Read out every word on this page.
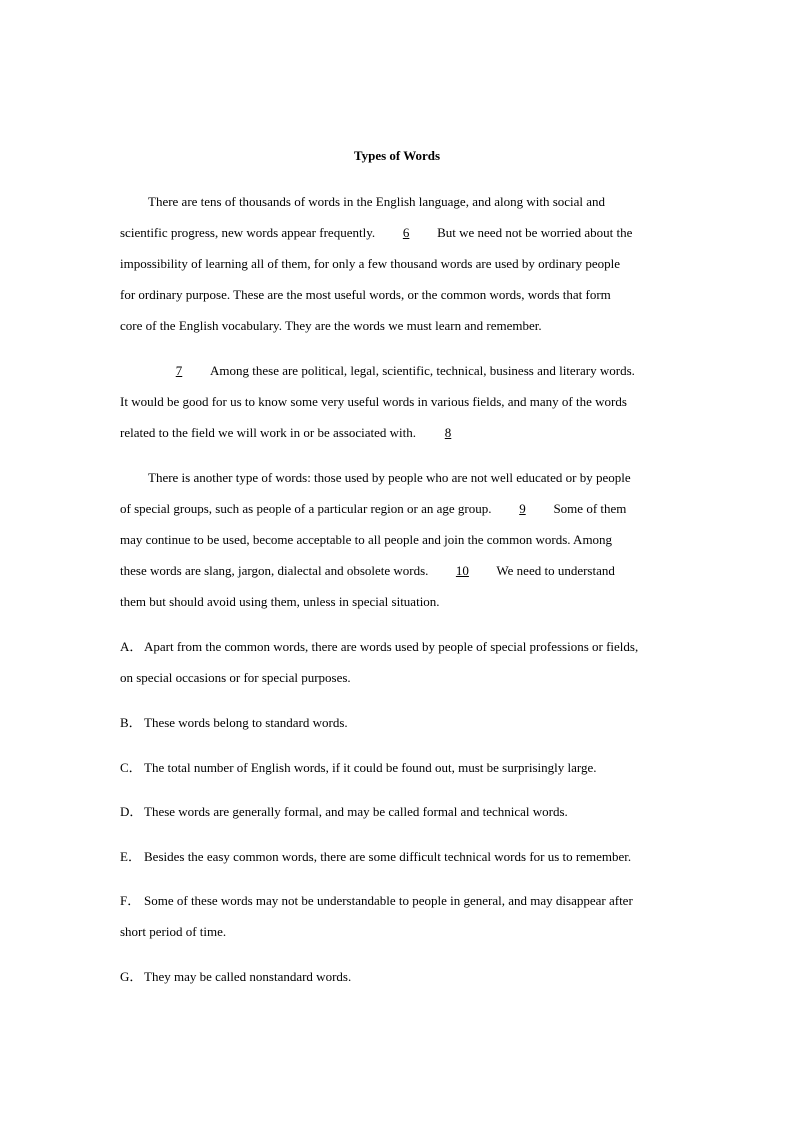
Types of Words
There are tens of thousands of words in the English language, and along with social and
scientific progress, new words appear frequently. 6 But we need not be worried about the
impossibility of learning all of them, for only a few thousand words are used by ordinary people
for ordinary purpose. These are the most useful words, or the common words, words that form
core of the English vocabulary. They are the words we must learn and remember.
7 Among these are political, legal, scientific, technical, business and literary words.
It would be good for us to know some very useful words in various fields, and many of the words
related to the field we will work in or be associated with. 8
There is another type of words: those used by people who are not well educated or by people
of special groups, such as people of a particular region or an age group. 9 Some of them
may continue to be used, become acceptable to all people and join the common words. Among
these words are slang, jargon, dialectal and obsolete words. 10 We need to understand
them but should avoid using them, unless in special situation.
A． Apart from the common words, there are words used by people of special professions or fields,
on special occasions or for special purposes.
B． These words belong to standard words.
C． The total number of English words, if it could be found out, must be surprisingly large.
D． These words are generally formal, and may be called formal and technical words.
E． Besides the easy common words, there are some difficult technical words for us to remember.
F． Some of these words may not be understandable to people in general, and may disappear after
short period of time.
G． They may be called nonstandard words.
